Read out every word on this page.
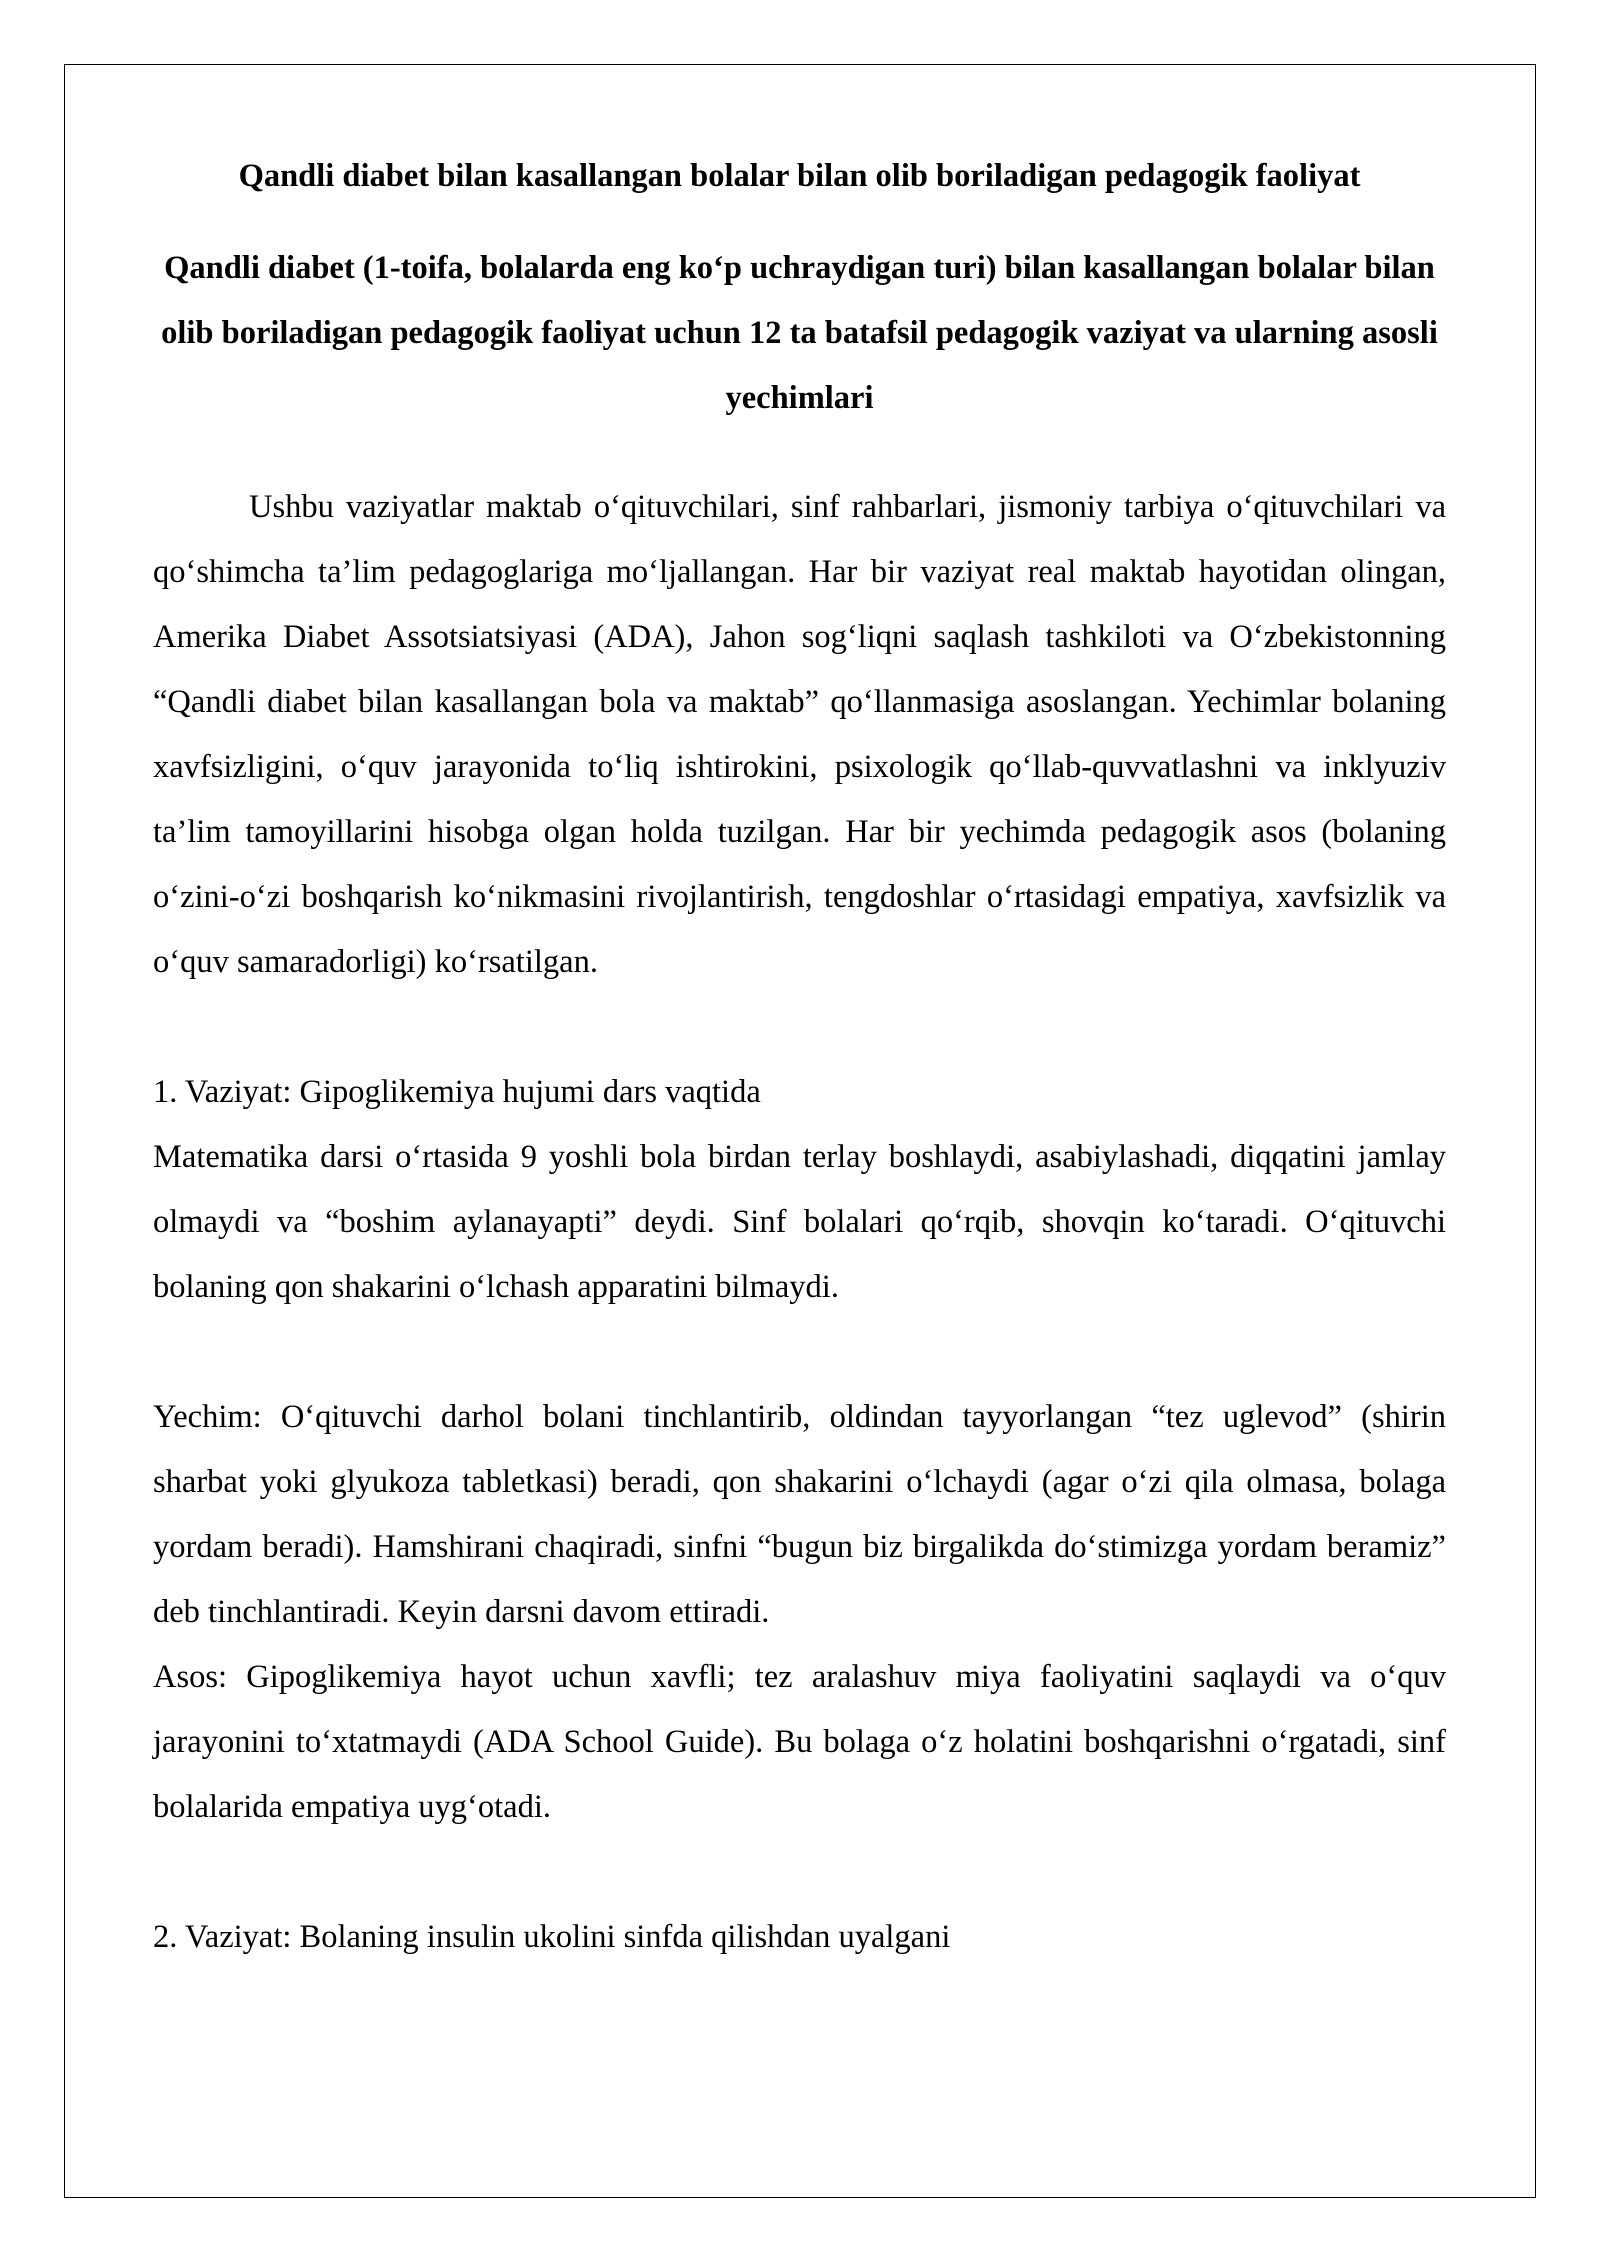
Qandli diabet bilan kasallangan bolalar bilan olib boriladigan pedagogik faoliyat
Qandli diabet (1-toifa, bolalarda eng ko‘p uchraydigan turi) bilan kasallangan bolalar bilan olib boriladigan pedagogik faoliyat uchun 12 ta batafsil pedagogik vaziyat va ularning asosli yechimlari

Ushbu vaziyatlar maktab o‘qituvchilari, sinf rahbarlari, jismoniy tarbiya o‘qituvchilari va qo‘shimcha ta’lim pedagoglariga mo‘ljallangan. Har bir vaziyat real maktab hayotidan olingan, Amerika Diabet Assotsiatsiyasi (ADA), Jahon sog‘liqni saqlash tashkiloti va O‘zbekistonning “Qandli diabet bilan kasallangan bola va maktab” qo‘llanmasiga asoslangan. Yechimlar bolaning xavfsizligini, o‘quv jarayonida to‘liq ishtirokini, psixologik qo‘llab-quvvatlashni va inklyuziv ta’lim tamoyillarini hisobga olgan holda tuzilgan. Har bir yechimda pedagogik asos (bolaning o‘zini-o‘zi boshqarish ko‘nikmasini rivojlantirish, tengdoshlar o‘rtasidagi empatiya, xavfsizlik va o‘quv samaradorligi) ko‘rsatilgan.

1. Vaziyat: Gipoglikemiya hujumi dars vaqtida

Matematika darsi o‘rtasida 9 yoshli bola birdan terlay boshlaydi, asabiylashadi, diqqatini jamlay olmaydi va “boshim aylanayapti” deydi. Sinf bolalari qo‘rqib, shovqin ko‘taradi. O‘qituvchi bolaning qon shakarini o‘lchash apparatini bilmaydi.

Yechim: O‘qituvchi darhol bolani tinchlantirib, oldindan tayyorlangan “tez uglevod” (shirin sharbat yoki glyukoza tabletkasi) beradi, qon shakarini o‘lchaydi (agar o‘zi qila olmasa, bolaga yordam beradi). Hamshirani chaqiradi, sinfni “bugun biz birgalikda do‘stimizga yordam beramiz” deb tinchlantiradi. Keyin darsni davom ettiradi.

Asos: Gipoglikemiya hayot uchun xavfli; tez aralashuv miya faoliyatini saqlaydi va o‘quv jarayonini to‘xtatmaydi (ADA School Guide). Bu bolaga o‘z holatini boshqarishni o‘rgatadi, sinf bolalarida empatiya uyg‘otadi.

2. Vaziyat: Bolaning insulin ukolini sinfda qilishdan uyalgani
